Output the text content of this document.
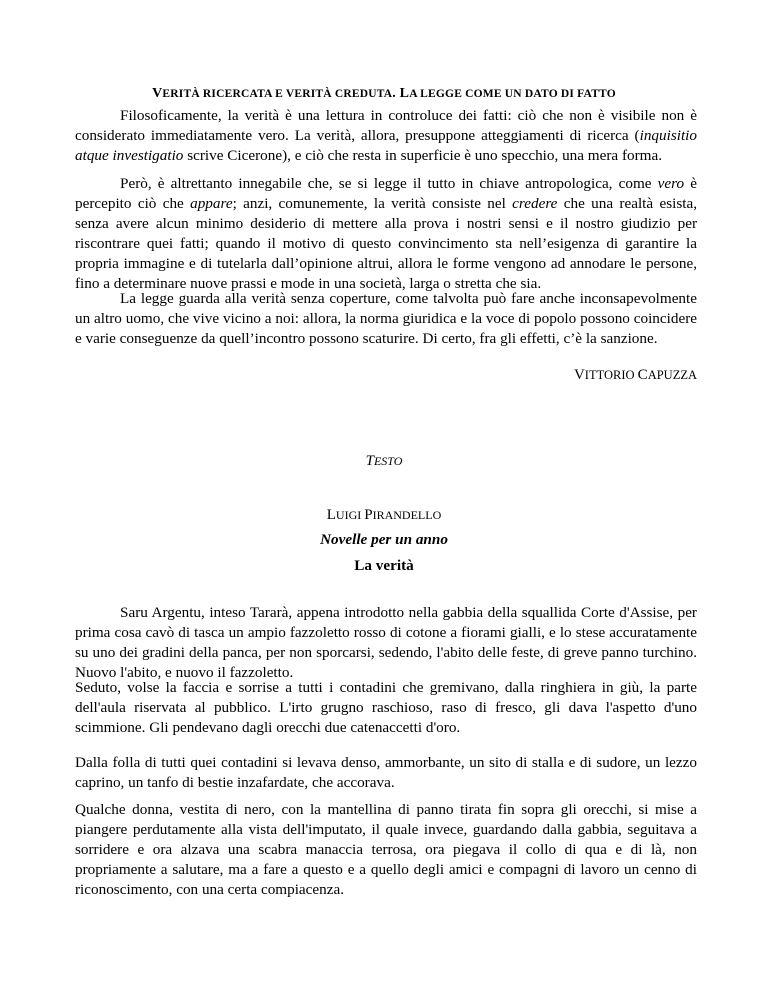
VERITÀ RICERCATA E VERITÀ CREDUTA. LA LEGGE COME UN DATO DI FATTO
Filosoficamente, la verità è una lettura in controluce dei fatti: ciò che non è visibile non è considerato immediatamente vero. La verità, allora, presuppone atteggiamenti di ricerca (inquisitio atque investigatio scrive Cicerone), e ciò che resta in superficie è uno specchio, una mera forma.
Però, è altrettanto innegabile che, se si legge il tutto in chiave antropologica, come vero è percepito ciò che appare; anzi, comunemente, la verità consiste nel credere che una realtà esista, senza avere alcun minimo desiderio di mettere alla prova i nostri sensi e il nostro giudizio per riscontrare quei fatti; quando il motivo di questo convincimento sta nell’esigenza di garantire la propria immagine e di tutelarla dall’opinione altrui, allora le forme vengono ad annodare le persone, fino a determinare nuove prassi e mode in una società, larga o stretta che sia.
La legge guarda alla verità senza coperture, come talvolta può fare anche inconsapevolmente un altro uomo, che vive vicino a noi: allora, la norma giuridica e la voce di popolo possono coincidere e varie conseguenze da quell’incontro possono scaturire. Di certo, fra gli effetti, c’è la sanzione.
VITTORIO CAPUZZA
TESTO
LUIGI PIRANDELLO
Novelle per un anno
La verità
Saru Argentu, inteso Tararà, appena introdotto nella gabbia della squallida Corte d'Assise, per prima cosa cavò di tasca un ampio fazzoletto rosso di cotone a fiorami gialli, e lo stese accuratamente su uno dei gradini della panca, per non sporcarsi, sedendo, l'abito delle feste, di greve panno turchino. Nuovo l'abito, e nuovo il fazzoletto.
Seduto, volse la faccia e sorrise a tutti i contadini che gremivano, dalla ringhiera in giù, la parte dell'aula riservata al pubblico. L'irto grugno raschioso, raso di fresco, gli dava l'aspetto d'uno scimmione. Gli pendevano dagli orecchi due catenaccetti d'oro.
Dalla folla di tutti quei contadini si levava denso, ammorbante, un sito di stalla e di sudore, un lezzo caprino, un tanfo di bestie inzafardate, che accorava.
Qualche donna, vestita di nero, con la mantellina di panno tirata fin sopra gli orecchi, si mise a piangere perdutamente alla vista dell'imputato, il quale invece, guardando dalla gabbia, seguitava a sorridere e ora alzava una scabra manaccia terrosa, ora piegava il collo di qua e di là, non propriamente a salutare, ma a fare a questo e a quello degli amici e compagni di lavoro un cenno di riconoscimento, con una certa compiacenza.
